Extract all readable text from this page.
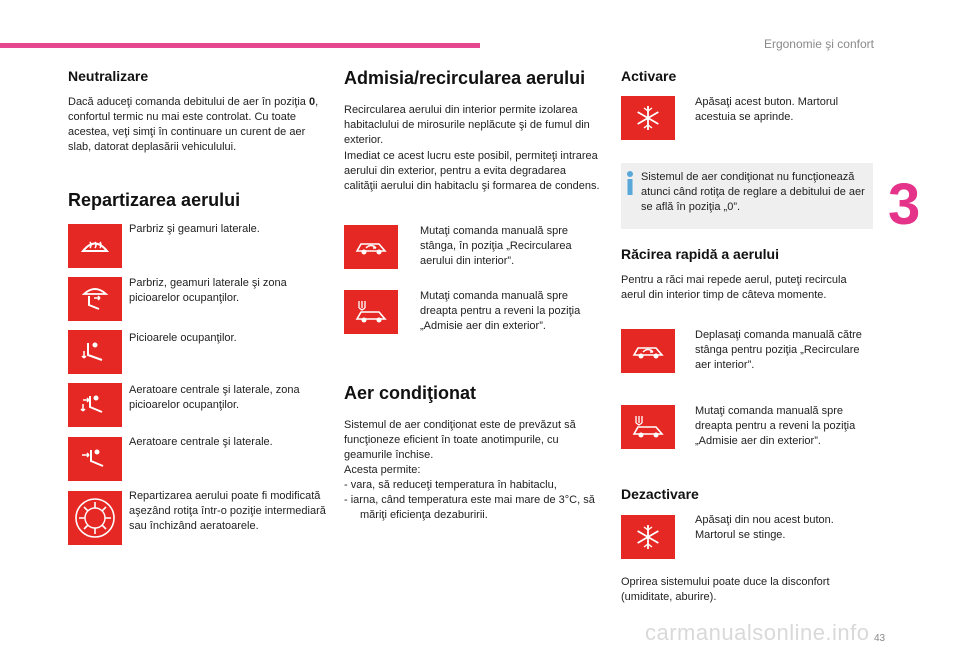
Ergonomie şi confort
3
Neutralizare

Dacă aduceţi comanda debitului de aer în poziţia 0, confortul termic nu mai este controlat. Cu toate acestea, veţi simţi în continuare un curent de aer slab, datorat deplasării vehiculului.

Repartizarea aerului

Parbriz şi geamuri laterale.

Parbriz, geamuri laterale şi zona picioarelor ocupanţilor.

Picioarele ocupanţilor.

Aeratoare centrale şi laterale, zona picioarelor ocupanţilor.

Aeratoare centrale şi laterale.

Repartizarea aerului poate fi modificată aşezând rotiţa într-o poziţie intermediară sau închizând aeratoarele.

Admisia/recircularea aerului

Recircularea aerului din interior permite izolarea habitaclului de mirosurile neplăcute şi de fumul din exterior.

Imediat ce acest lucru este posibil, permiteţi intrarea aerului din exterior, pentru a evita degradarea calităţii aerului din habitaclu şi formarea de condens.

Mutaţi comanda manuală spre stânga, în poziţia „Recircularea aerului din interior”.
Mutaţi comanda manuală spre dreapta pentru a reveni la poziţia „Admisie aer din exterior”.
Aer condiţionat

Sistemul de aer condiţionat este de prevăzut să funcţioneze eficient în toate anotimpurile, cu geamurile închise.

Acesta permite:

- vara, să reduceţi temperatura în habitaclu,

- iarna, când temperatura este mai mare de 3°C, să măriţi eficienţa dezaburirii.

Activare
Apăsaţi acest buton. Martorul acestuia se aprinde.

Sistemul de aer condiţionat nu funcţionează atunci când rotiţa de reglare a debitului de aer se află în poziţia „0”.

Răcirea rapidă a aerului

Pentru a răci mai repede aerul, puteţi recircula aerul din interior timp de câteva momente.

Deplasaţi comanda manuală către stânga pentru poziţia „Recirculare aer interior”.
Mutaţi comanda manuală spre dreapta pentru a reveni la poziţia „Admisie aer din exterior”.
Dezactivare
Apăsaţi din nou acest buton. Martorul se stinge.

Oprirea sistemului poate duce la disconfort (umiditate, aburire).

43
carmanualsonline.info
